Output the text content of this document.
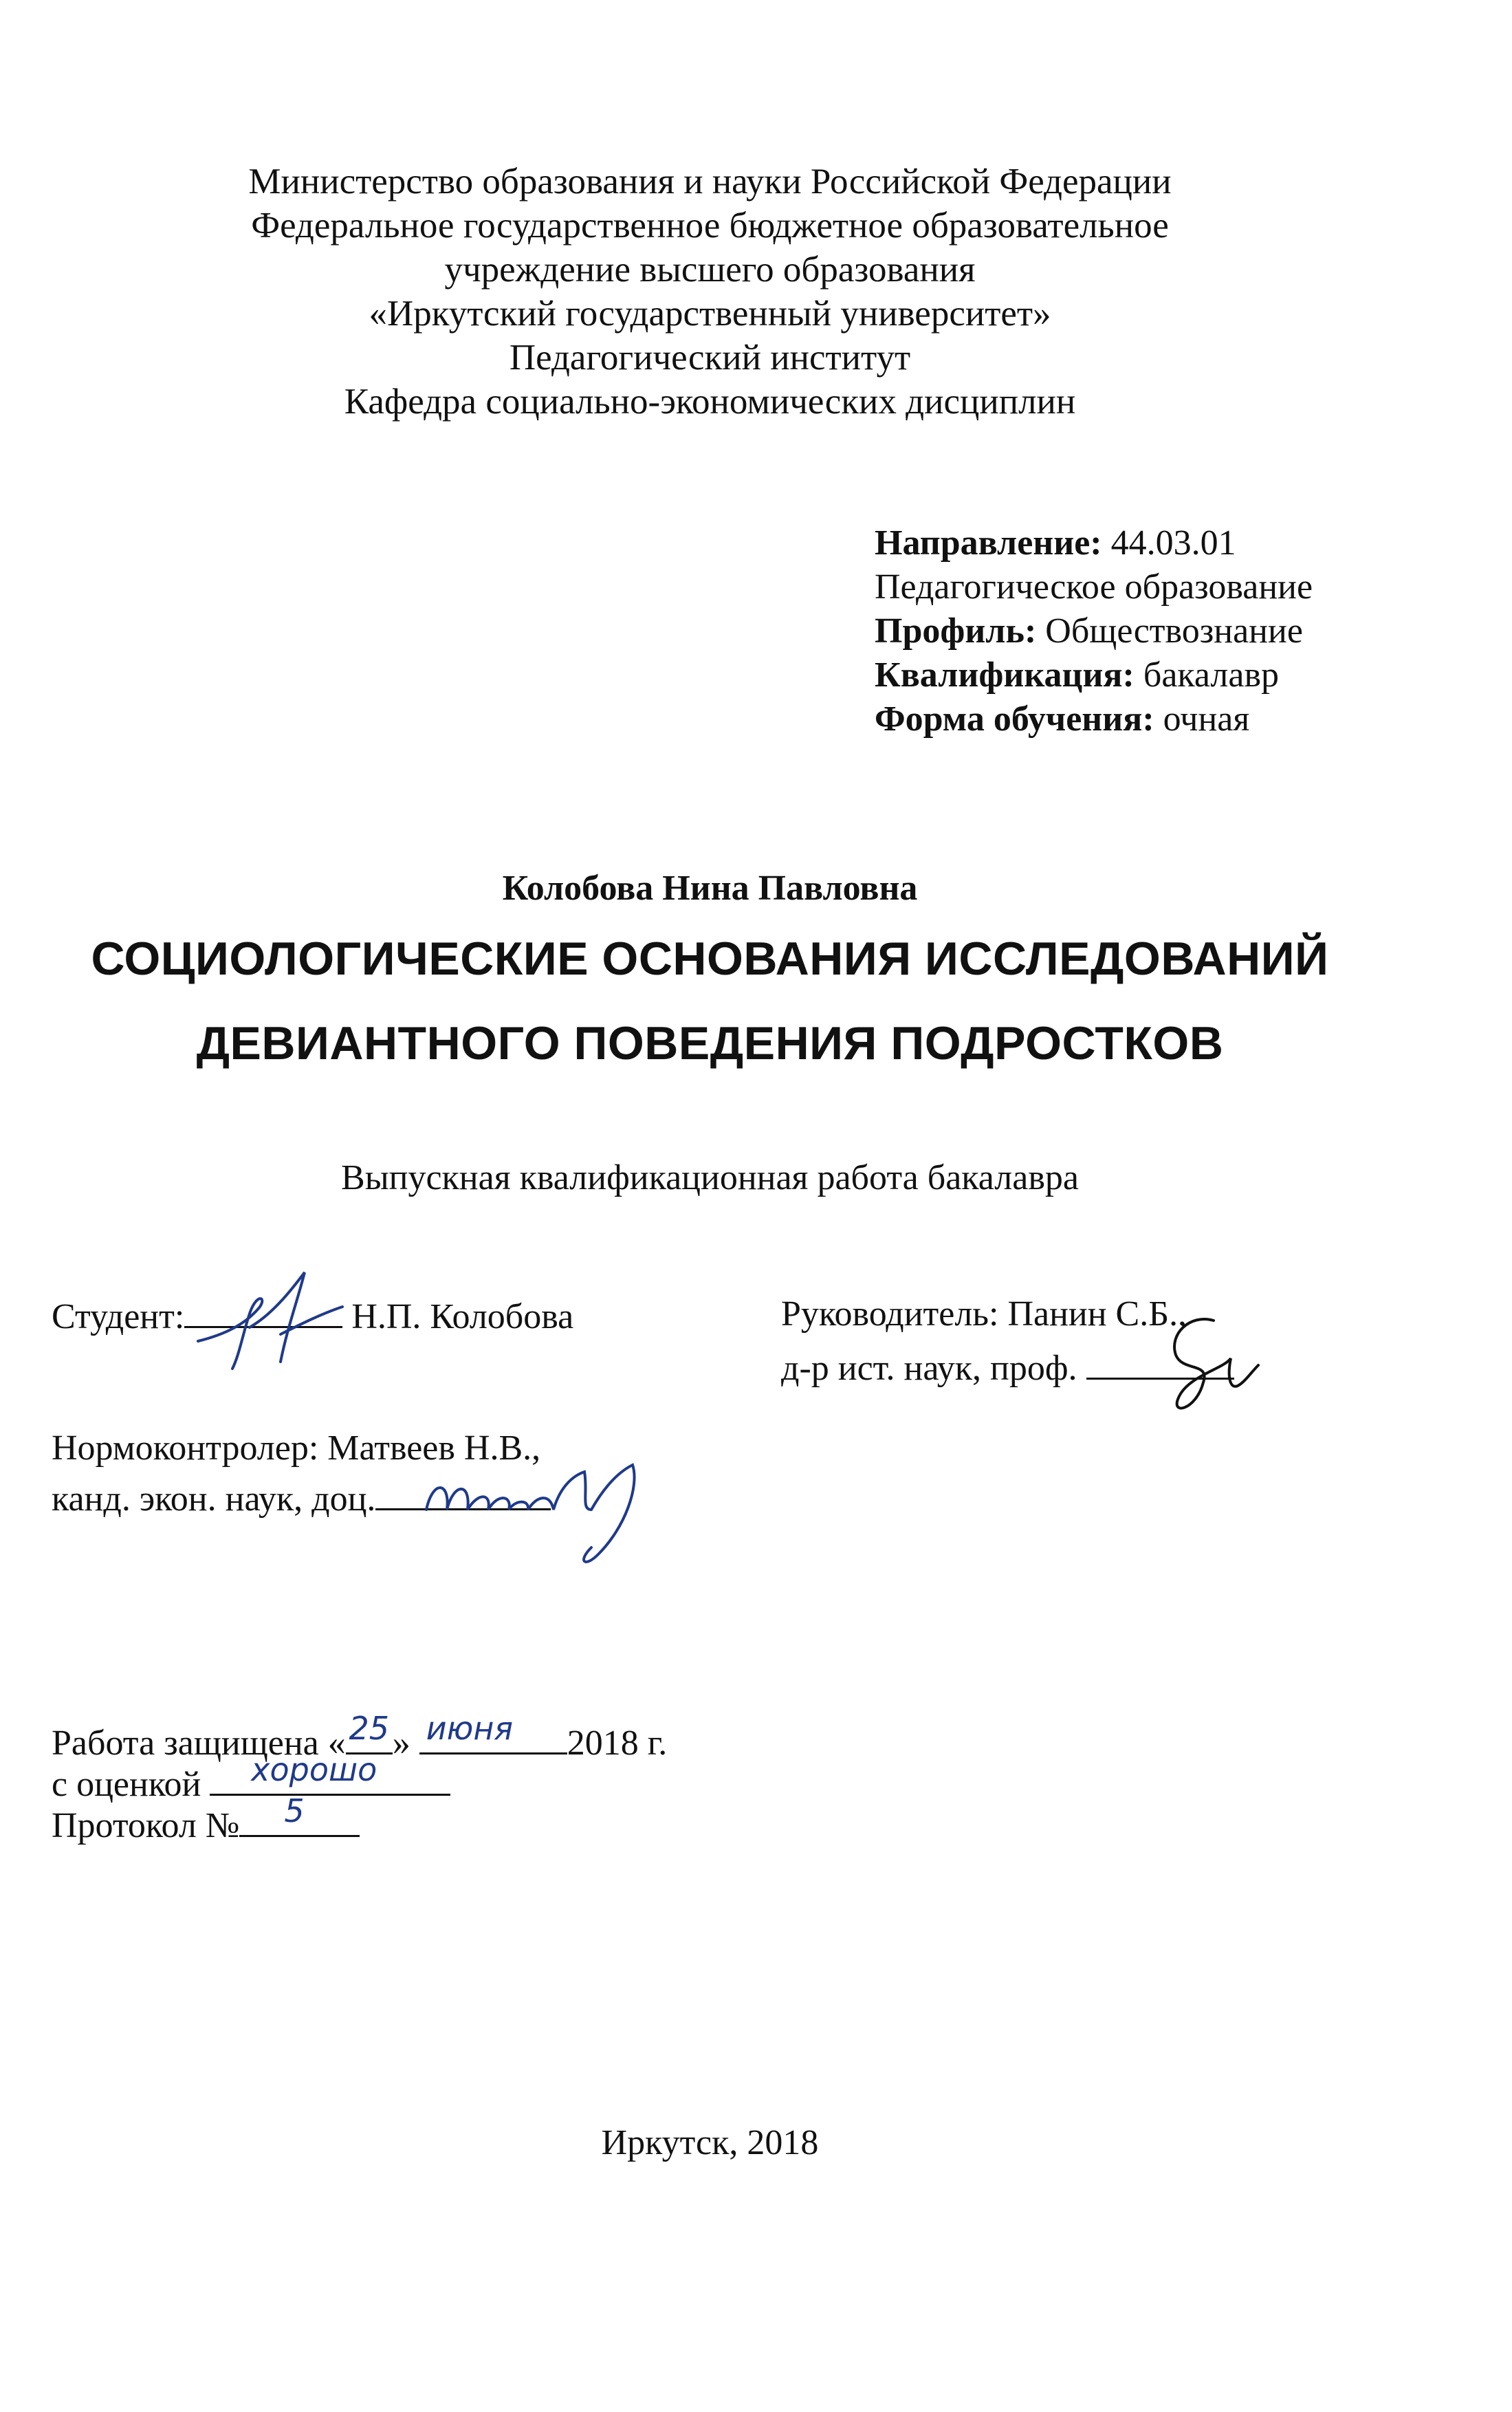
Министерство образования и науки Российской Федерации
Федеральное государственное бюджетное образовательное
учреждение высшего образования
«Иркутский государственный университет»
Педагогический институт
Кафедра социально-экономических дисциплин
Направление: 44.03.01
Педагогическое образование
Профиль: Обществознание
Квалификация: бакалавр
Форма обучения: очная
Колобова Нина Павловна
СОЦИОЛОГИЧЕСКИЕ ОСНОВАНИЯ ИССЛЕДОВАНИЙ
ДЕВИАНТНОГО ПОВЕДЕНИЯ ПОДРОСТКОВ
Выпускная квалификационная работа бакалавра
Студент:	Н.П. Колобова	Руководитель: Панин С.Б.,
д-р ист. наук, проф.
Нормоконтролер: Матвеев Н.В.,
канд. экон. наук, доц.
Работа защищена « 25 » июня	2018 г.
с оценкой хорошо
Протокол № 5
Иркутск, 2018
